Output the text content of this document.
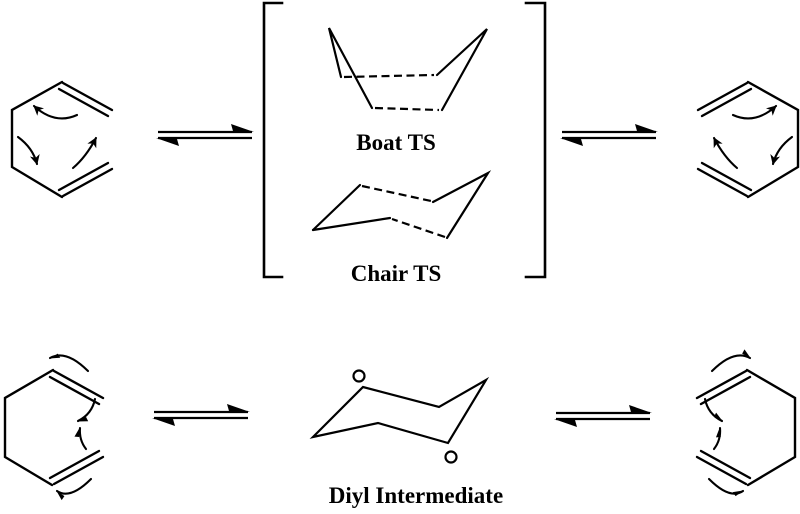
Boat TS
Chair TS
Diyl Intermediate
